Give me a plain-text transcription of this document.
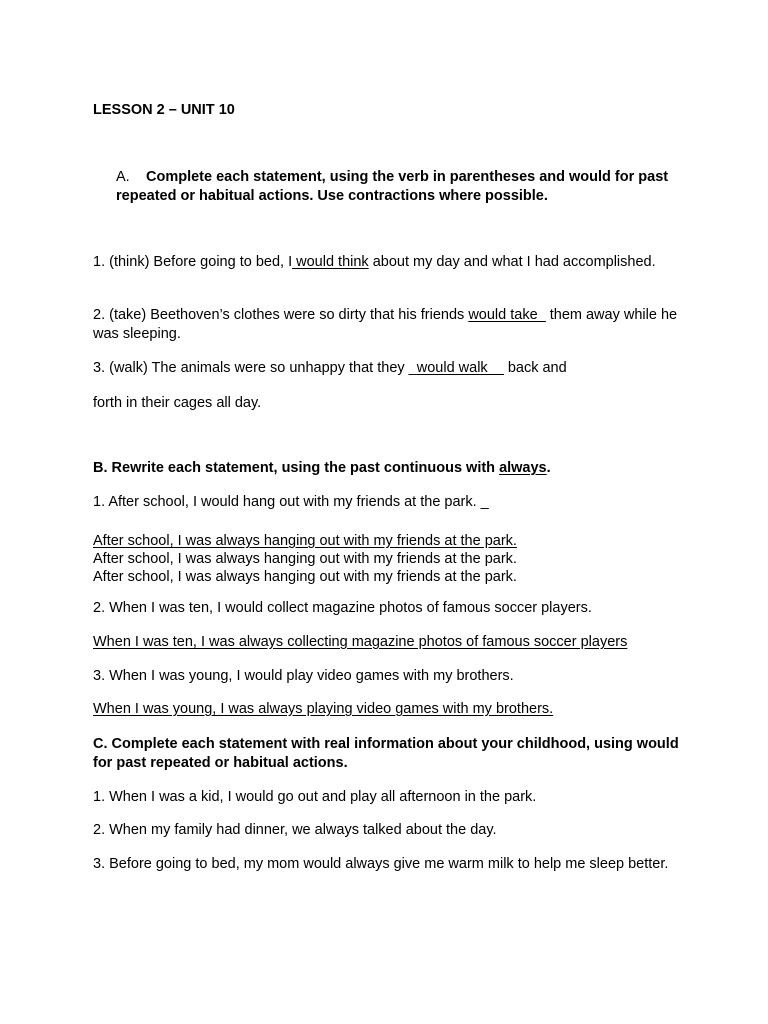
LESSON 2 – UNIT 10
A. Complete each statement, using the verb in parentheses and would for past repeated or habitual actions. Use contractions where possible.
1. (think) Before going to bed, I would think about my day and what I had accomplished.
2. (take) Beethoven’s clothes were so dirty that his friends would take_ them away while he was sleeping.
3. (walk) The animals were so unhappy that they _would walk__ back and
forth in their cages all day.
B. Rewrite each statement, using the past continuous with always.
1. After school, I would hang out with my friends at the park. _
After school, I was always hanging out with my friends at the park.
After school, I was always hanging out with my friends at the park.
After school, I was always hanging out with my friends at the park.
2. When I was ten, I would collect magazine photos of famous soccer players.
When I was ten, I was always collecting magazine photos of famous soccer players
3. When I was young, I would play video games with my brothers.
When I was young, I was always playing video games with my brothers.
C. Complete each statement with real information about your childhood, using would for past repeated or habitual actions.
1. When I was a kid, I would go out and play all afternoon in the park.
2. When my family had dinner, we always talked about the day.
3. Before going to bed, my mom would always give me warm milk to help me sleep better.
